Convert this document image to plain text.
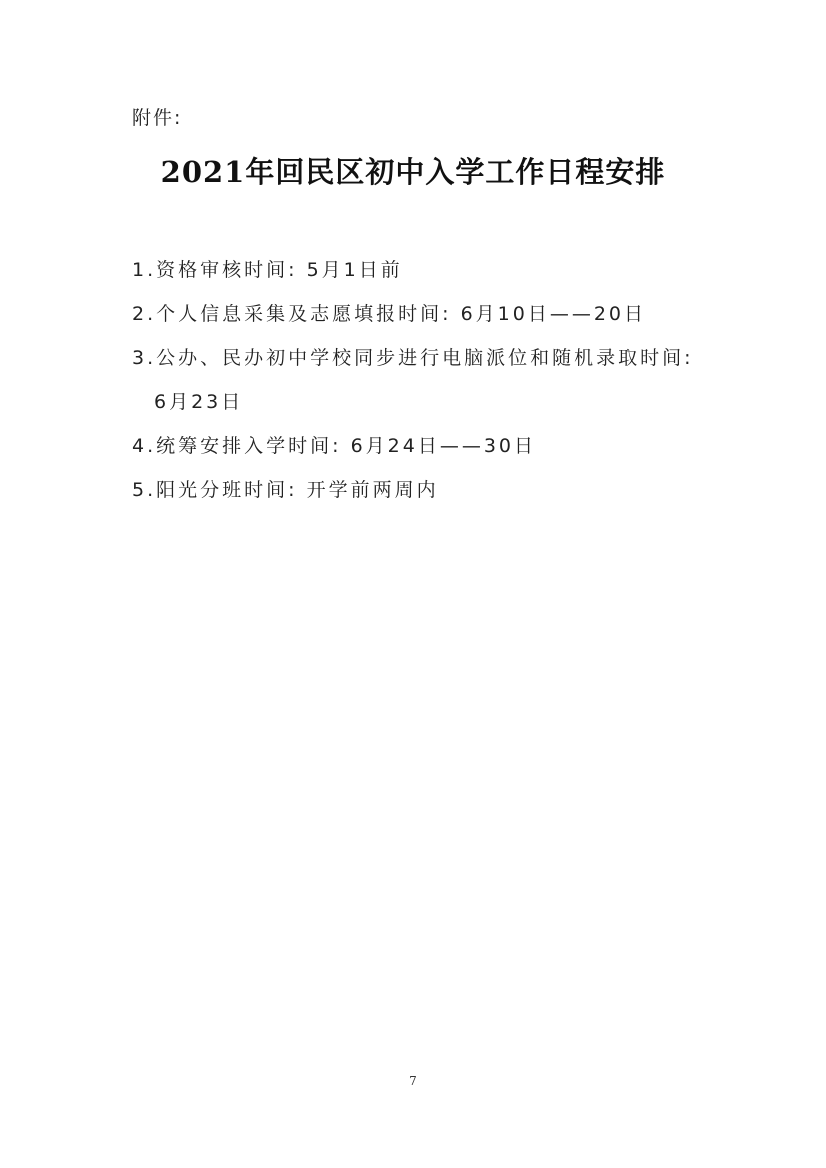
附件:
2021年回民区初中入学工作日程安排
1.资格审核时间: 5月1日前
2.个人信息采集及志愿填报时间: 6月10日——20日
3.公办、民办初中学校同步进行电脑派位和随机录取时间:
6月23日
4.统筹安排入学时间: 6月24日——30日
5.阳光分班时间: 开学前两周内
7
